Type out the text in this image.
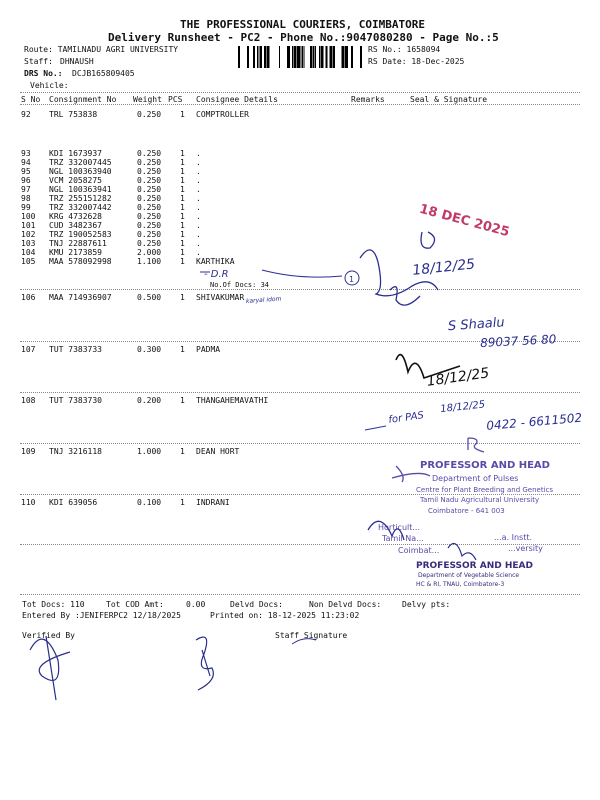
THE PROFESSIONAL COURIERS, COIMBATORE
Delivery Runsheet - PC2 - Phone No.:9047080280 - Page No.:5
Route: TAMILNADU AGRI UNIVERSITY
Staff: DHNAUSH
DRS No.: DCJB165809405
Vehicle:
RS No.: 1658094
RS Date: 18-Dec-2025
S No Consignment No Weight PCS Consignee Details	Remarks	Seal & Signature
92 TRL 753838	0.250 1 COMPTROLLER
93 KDI 1673937	0.250 1 .
94 TRZ 332007445	0.250 1 .
95 NGL 100363940	0.250 1 .
96 VCM 2058275	0.250 1 .
97 NGL 100363941	0.250 1 .
98 TRZ 255151282	0.250 1 .
99 TRZ 332007442	0.250 1 .
100 KRG 4732628	0.250 1 .
101 CUD 3482367	0.250 1 .
102 TRZ 190052583	0.250 1 .
103 TNJ 22887611	0.250 1 .
104 KMU 2173859	2.000 1 .
105 MAA 578092998	1.100 1 KARTHIKA
106 MAA 714936907	0.500 1 SHIVAKUMAR
107 TUT 7383733	0.300 1 PADMA
108 TUT 7383730	0.200 1 THANGAHEMAVATHI
109 TNJ 3216118	1.000 1 DEAN HORT
110 KDI 639056	0.100 1 INDRANI
No.Of Docs: 34
Tot Docs: 110	Tot COD Amt:	0.00	Delvd Docs:	Non Delvd Docs:	Delvy pts:
Entered By :JENIFERPC2 12/18/2025	Printed on: 18-12-2025 11:23:02
Verified By	Staff Signature
- D.R	1
18 DEC 2025
18/12/25
karyal idom
S Shaalu
89037 56 80
18/12/25
for PAS
18/12/25
0422 - 6611502
PROFESSOR AND HEAD
Department of Pulses
Centre for Plant Breeding and Genetics
Tamil Nadu Agricultural University
Coimbatore - 641 003
Horticult...
...a. Instt.
Tamil Na...
...versity
Coimbat...
PROFESSOR AND HEAD
Department of Vegetable Science
HC & RI, TNAU, Coimbatore-3
